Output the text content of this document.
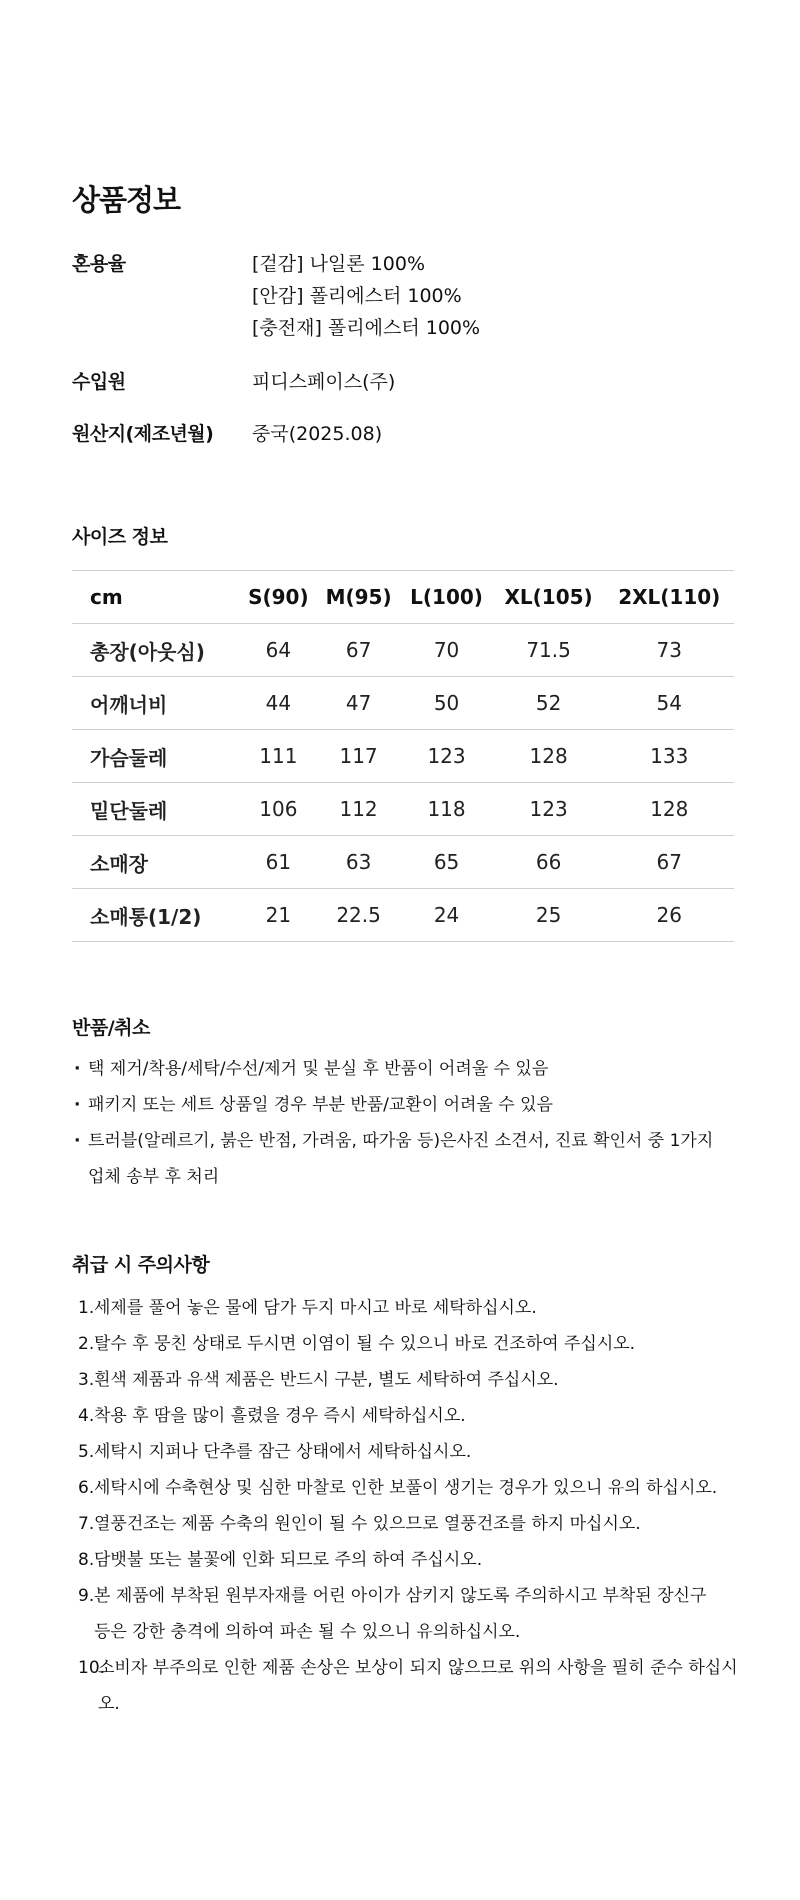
상품정보
혼용율	[겉감] 나일론 100%
[안감] 폴리에스터 100%
[충전재] 폴리에스터 100%
수입원	피디스페이스(주)
원산지(제조년월) 중국(2025.08)
사이즈 정보
cm	S(90)	M(95)	L(100)	XL(105)	2XL(110)
총장(아웃심)	64	67	70	71.5	73
어깨너비	44	47	50	52	54
가슴둘레	111	117	123	128	133
밑단둘레	106	112	118	123	128
소매장	61	63	65	66	67
소매통(1/2)	21	22.5	24	25	26
반품/취소
· 택 제거/착용/세탁/수선/제거 및 분실 후 반품이 어려울 수 있음
· 패키지 또는 세트 상품일 경우 부분 반품/교환이 어려울 수 있음
· 트러블(알레르기, 붉은 반점, 가려움, 따가움 등)은사진 소견서, 진료 확인서 중 1가지
업체 송부 후 처리
취급 시 주의사항
1. 세제를 풀어 놓은 물에 담가 두지 마시고 바로 세탁하십시오.
2. 탈수 후 뭉친 상태로 두시면 이염이 될 수 있으니 바로 건조하여 주십시오.
3. 흰색 제품과 유색 제품은 반드시 구분, 별도 세탁하여 주십시오.
4. 착용 후 땀을 많이 흘렸을 경우 즉시 세탁하십시오.
5. 세탁시 지퍼나 단추를 잠근 상태에서 세탁하십시오.
6. 세탁시에 수축현상 및 심한 마찰로 인한 보풀이 생기는 경우가 있으니 유의 하십시오.
7. 열풍건조는 제품 수축의 원인이 될 수 있으므로 열풍건조를 하지 마십시오.
8. 담뱃불 또는 불꽃에 인화 되므로 주의 하여 주십시오.
9. 본 제품에 부착된 원부자재를 어린 아이가 삼키지 않도록 주의하시고 부착된 장신구
등은 강한 충격에 의하여 파손 될 수 있으니 유의하십시오.
10.
소비자 부주의로 인한 제품 손상은 보상이 되지 않으므로 위의 사항을 필히 준수 하십시오.
